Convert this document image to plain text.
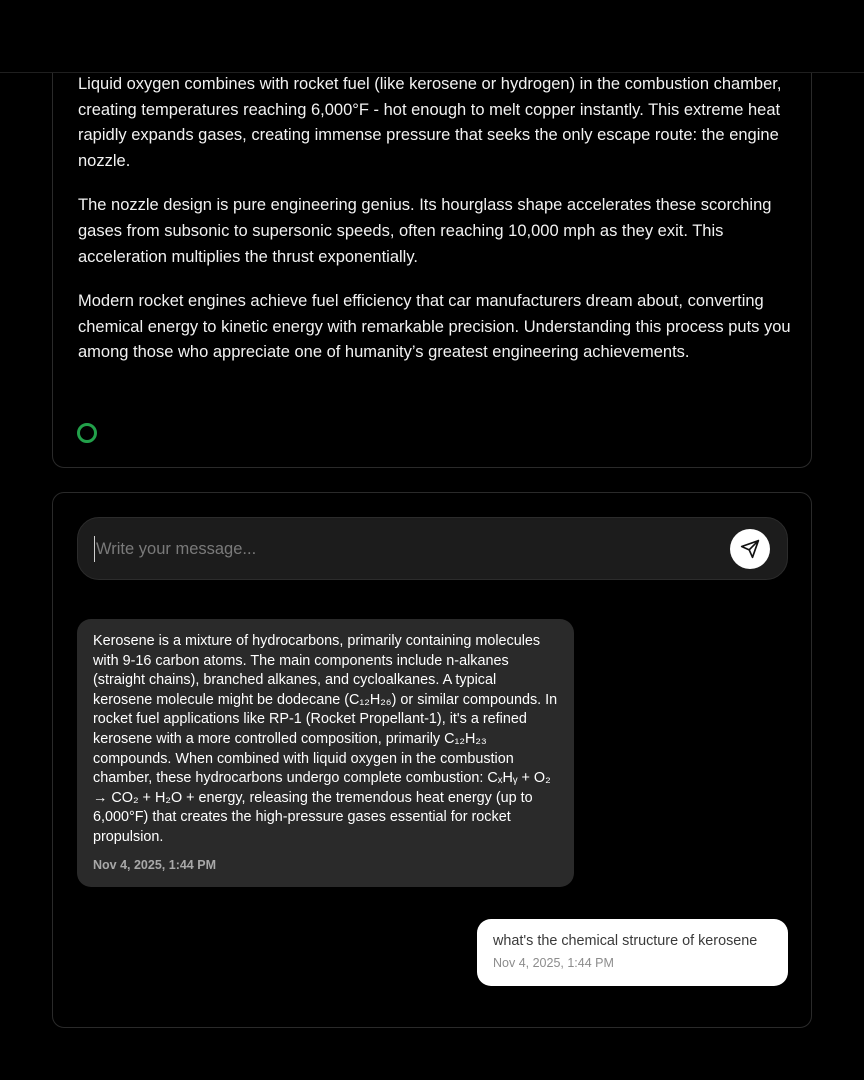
Liquid oxygen combines with rocket fuel (like kerosene or hydrogen) in the combustion chamber, creating temperatures reaching 6,000°F - hot enough to melt copper instantly. This extreme heat rapidly expands gases, creating immense pressure that seeks the only escape route: the engine nozzle.

The nozzle design is pure engineering genius. Its hourglass shape accelerates these scorching gases from subsonic to supersonic speeds, often reaching 10,000 mph as they exit. This acceleration multiplies the thrust exponentially.

Modern rocket engines achieve fuel efficiency that car manufacturers dream about, converting chemical energy to kinetic energy with remarkable precision. Understanding this process puts you among those who appreciate one of humanity’s greatest engineering achievements.

Write your message...
Kerosene is a mixture of hydrocarbons, primarily containing molecules with 9-16 carbon atoms. The main components include n-alkanes (straight chains), branched alkanes, and cycloalkanes. A typical kerosene molecule might be dodecane (C₁₂H₂₆) or similar compounds. In rocket fuel applications like RP-1 (Rocket Propellant-1), it's a refined kerosene with a more controlled composition, primarily C₁₂H₂₃ compounds. When combined with liquid oxygen in the combustion chamber, these hydrocarbons undergo complete combustion: CₓHᵧ + O₂ → CO₂ + H₂O + energy, releasing the tremendous heat energy (up to 6,000°F) that creates the high-pressure gases essential for rocket propulsion.
Nov 4, 2025, 1:44 PM
what's the chemical structure of kerosene
Nov 4, 2025, 1:44 PM
